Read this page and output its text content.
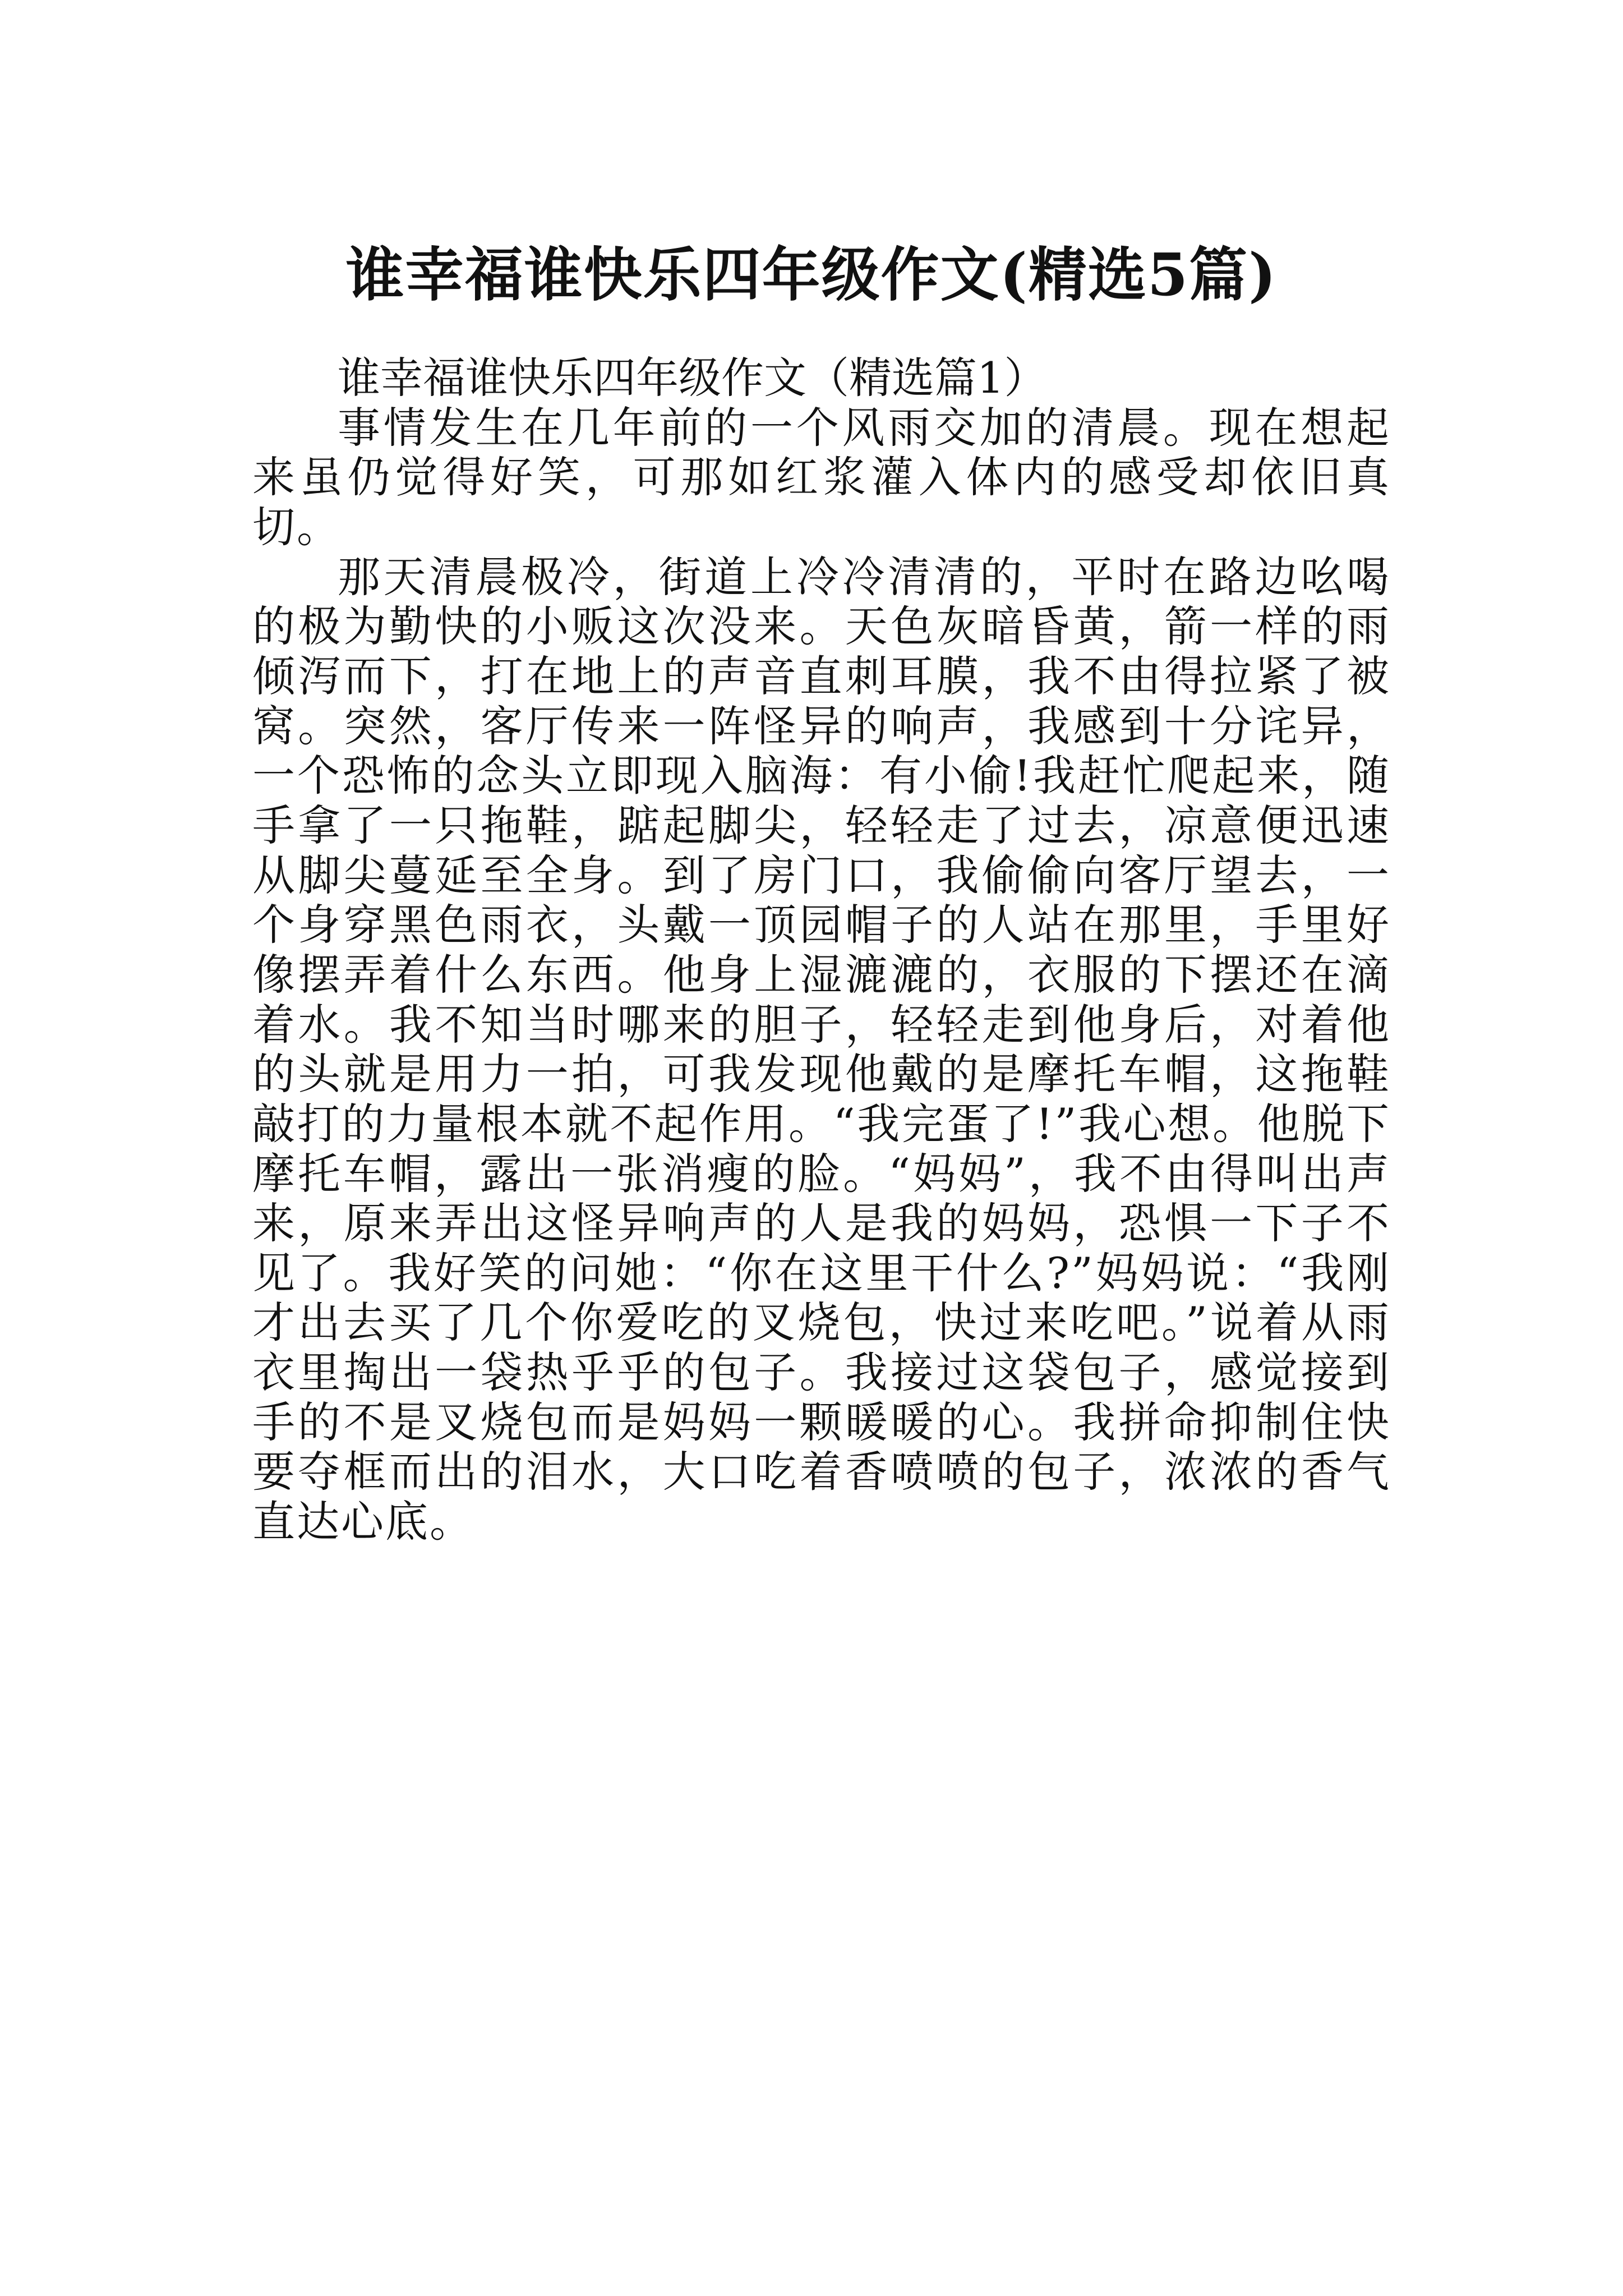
谁幸福谁快乐四年级作文(精选5篇)

谁幸福谁快乐四年级作文（精选篇1）

事情发生在几年前的一个风雨交加的清晨。现在想起来虽仍觉得好笑，可那如红浆灌入体内的感受却依旧真切。

那天清晨极冷，街道上冷冷清清的，平时在路边吆喝的极为勤快的小贩这次没来。天色灰暗昏黄，箭一样的雨倾泻而下，打在地上的声音直刺耳膜，我不由得拉紧了被窝。突然，客厅传来一阵怪异的响声，我感到十分诧异，一个恐怖的念头立即现入脑海：有小偷!我赶忙爬起来，随手拿了一只拖鞋，踮起脚尖，轻轻走了过去，凉意便迅速从脚尖蔓延至全身。到了房门口，我偷偷向客厅望去，一个身穿黑色雨衣，头戴一顶园帽子的人站在那里，手里好像摆弄着什么东西。他身上湿漉漉的，衣服的下摆还在滴着水。我不知当时哪来的胆子，轻轻走到他身后，对着他的头就是用力一拍，可我发现他戴的是摩托车帽，这拖鞋敲打的力量根本就不起作用。“我完蛋了!”我心想。他脱下摩托车帽，露出一张消瘦的脸。“妈妈”，我不由得叫出声来，原来弄出这怪异响声的人是我的妈妈，恐惧一下子不见了。我好笑的问她：“你在这里干什么?”妈妈说：“我刚才出去买了几个你爱吃的叉烧包，快过来吃吧。”说着从雨衣里掏出一袋热乎乎的包子。我接过这袋包子，感觉接到手的不是叉烧包而是妈妈一颗暖暖的心。我拼命抑制住快要夺框而出的泪水，大口吃着香喷喷的包子，浓浓的香气直达心底。
